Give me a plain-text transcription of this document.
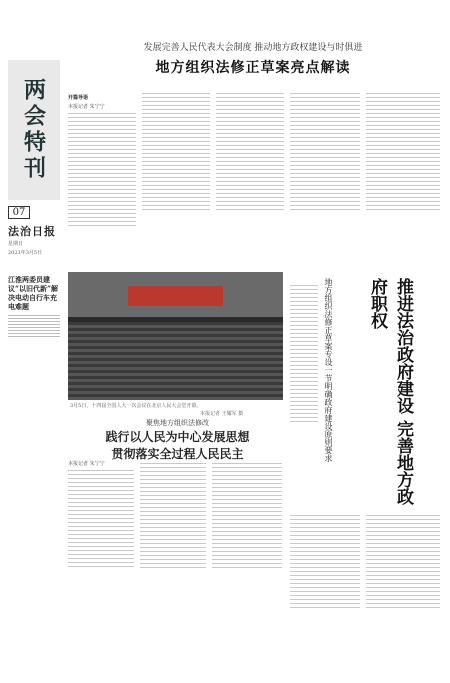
发展完善人民代表大会制度 推动地方政权建设与时俱进
地方组织法修正草案亮点解读
两会特刊
07
法治日报
星期日
2023年3月5日
江淮两委员建议“以旧代新”解决电动自行车充电难题
开篇导语
本报记者 朱宁宁
3月5日，十四届全国人大一次会议在北京人民大会堂开幕。
本报记者 王耀军 摄
聚焦地方组织法修改
践行以人民为中心发展思想
贯彻落实全过程人民民主
本报记者 朱宁宁
地方组织法修正草案专设一节明确政府建设原则要求	推进法治政府建设 完善地方政府职权
